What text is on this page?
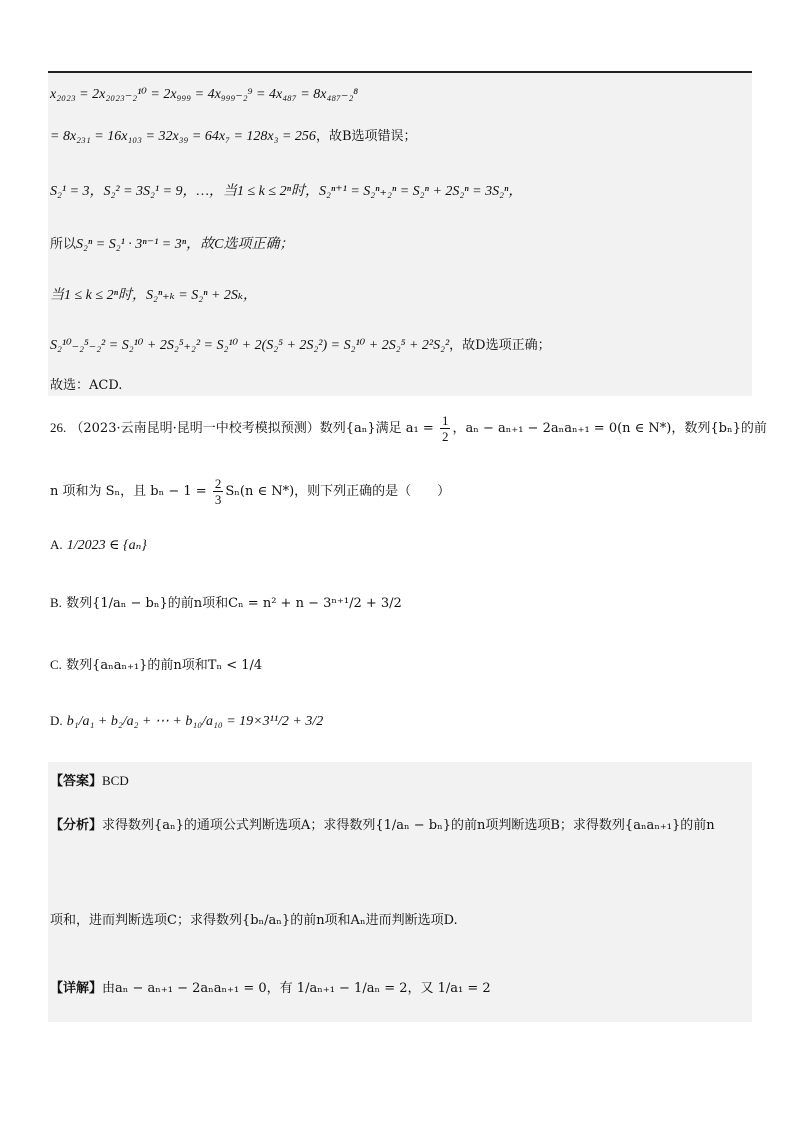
x₂₀₂₃ = 2x₂₀₂₃₋₂¹⁰ = 2x₉₉₉ = 4x₉₉₉₋₂⁹ = 4x₄₈₇ = 8x₄₈₇₋₂⁸
= 8x₂₃₁ = 16x₁₀₃ = 32x₃₉ = 64x₇ = 128x₃ = 256，故B选项错误；
S₂¹ = 3，S₂² = 3S₂¹ = 9，…，当1 ≤ k ≤ 2ⁿ时，S₂ⁿ⁺¹ = S₂ⁿ₊₂ⁿ = S₂ⁿ + 2S₂ⁿ = 3S₂ⁿ，
所以S₂ⁿ = S₂¹ · 3ⁿ⁻¹ = 3ⁿ，故C选项正确；
当1 ≤ k ≤ 2ⁿ时，S₂ⁿ₊ₖ = S₂ⁿ + 2Sₖ，
S₂¹⁰₋₂⁵₋₂² = S₂¹⁰ + 2S₂⁵₊₂² = S₂¹⁰ + 2(S₂⁵ + 2S₂²) = S₂¹⁰ + 2S₂⁵ + 2²S₂²，故D选项正确；
故选：ACD.
26. （2023·云南昆明·昆明一中校考模拟预测）数列{aₙ}满足 $a_1 = \frac{1}{2}$ ，aₙ − aₙ₊₁ − 2aₙaₙ₊₁ = 0(n ∈ N*)，数列{bₙ}的前
n 项和为 Sₙ，且 $b_n - 1 = \frac{2}{3} S_n(n$ ∈ N*)，则下列正确的是（　　）
A. 1/2023 ∈ {aₙ}
B. 数列{1/aₙ − bₙ}的前n项和Cₙ = n² + n − 3ⁿ⁺¹/2 + 3/2
C. 数列{aₙaₙ₊₁}的前n项和Tₙ < 1/4
D. b₁/a₁ + b₂/a₂ + ⋯ + b₁₀/a₁₀ = 19×3¹¹/2 + 3/2
【答案】BCD
【分析】求得数列{aₙ}的通项公式判断选项A；求得数列{1/aₙ − bₙ}的前n项判断选项B；求得数列{aₙaₙ₊₁}的前n
项和，进而判断选项C；求得数列{bₙ/aₙ}的前n项和Aₙ进而判断选项D.
【详解】由aₙ − aₙ₊₁ − 2aₙaₙ₊₁ = 0，有 1/aₙ₊₁ − 1/aₙ = 2，又 1/a₁ = 2
